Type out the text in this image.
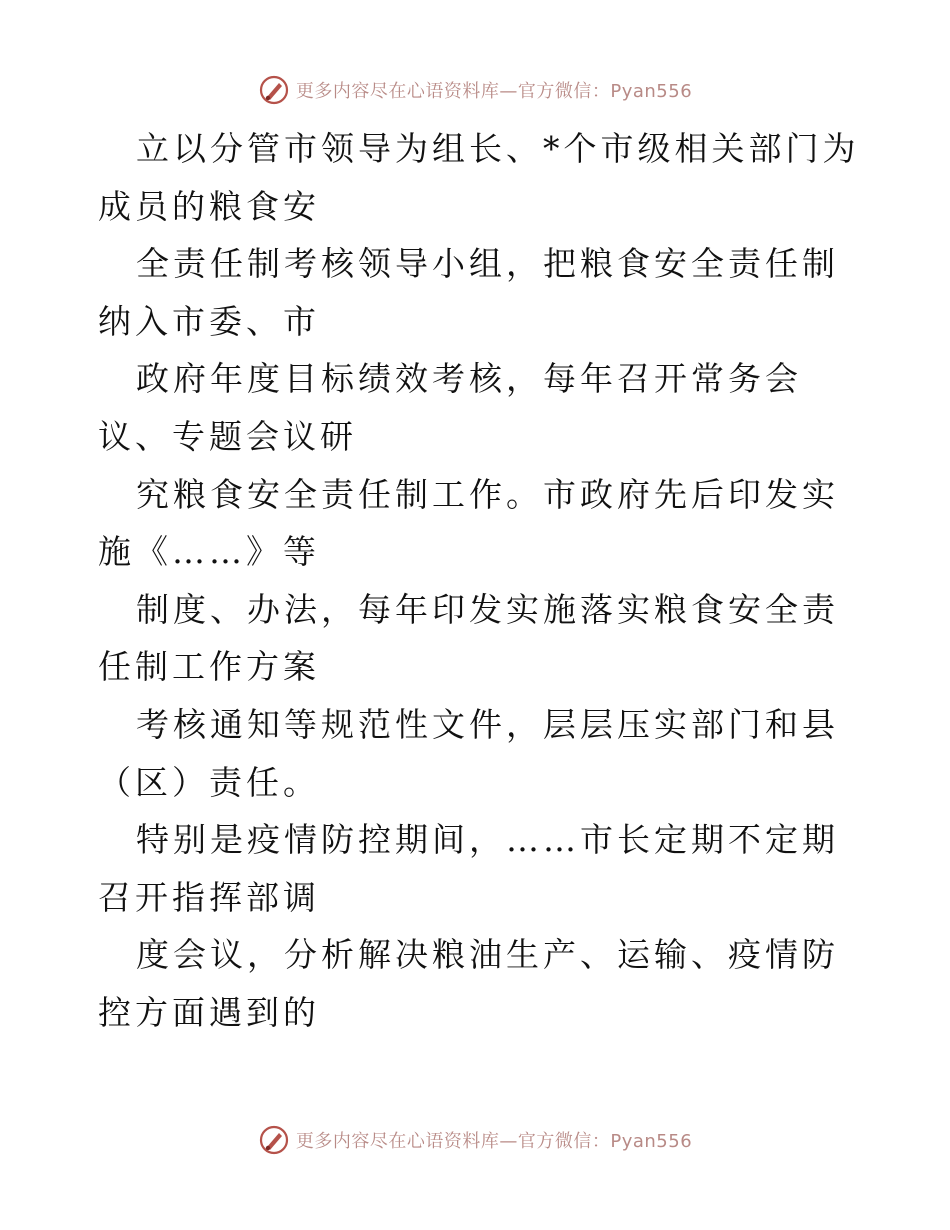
更多内容尽在心语资料库—官方微信：Pyan556

立以分管市领导为组长、*个市级相关部门为成员的粮食安

全责任制考核领导小组，把粮食安全责任制纳入市委、市

政府年度目标绩效考核，每年召开常务会议、专题会议研

究粮食安全责任制工作。市政府先后印发实施《……》等

制度、办法，每年印发实施落实粮食安全责任制工作方案

考核通知等规范性文件，层层压实部门和县（区）责任。

特别是疫情防控期间，……市长定期不定期召开指挥部调

度会议，分析解决粮油生产、运输、疫情防控方面遇到的

更多内容尽在心语资料库—官方微信：Pyan556
